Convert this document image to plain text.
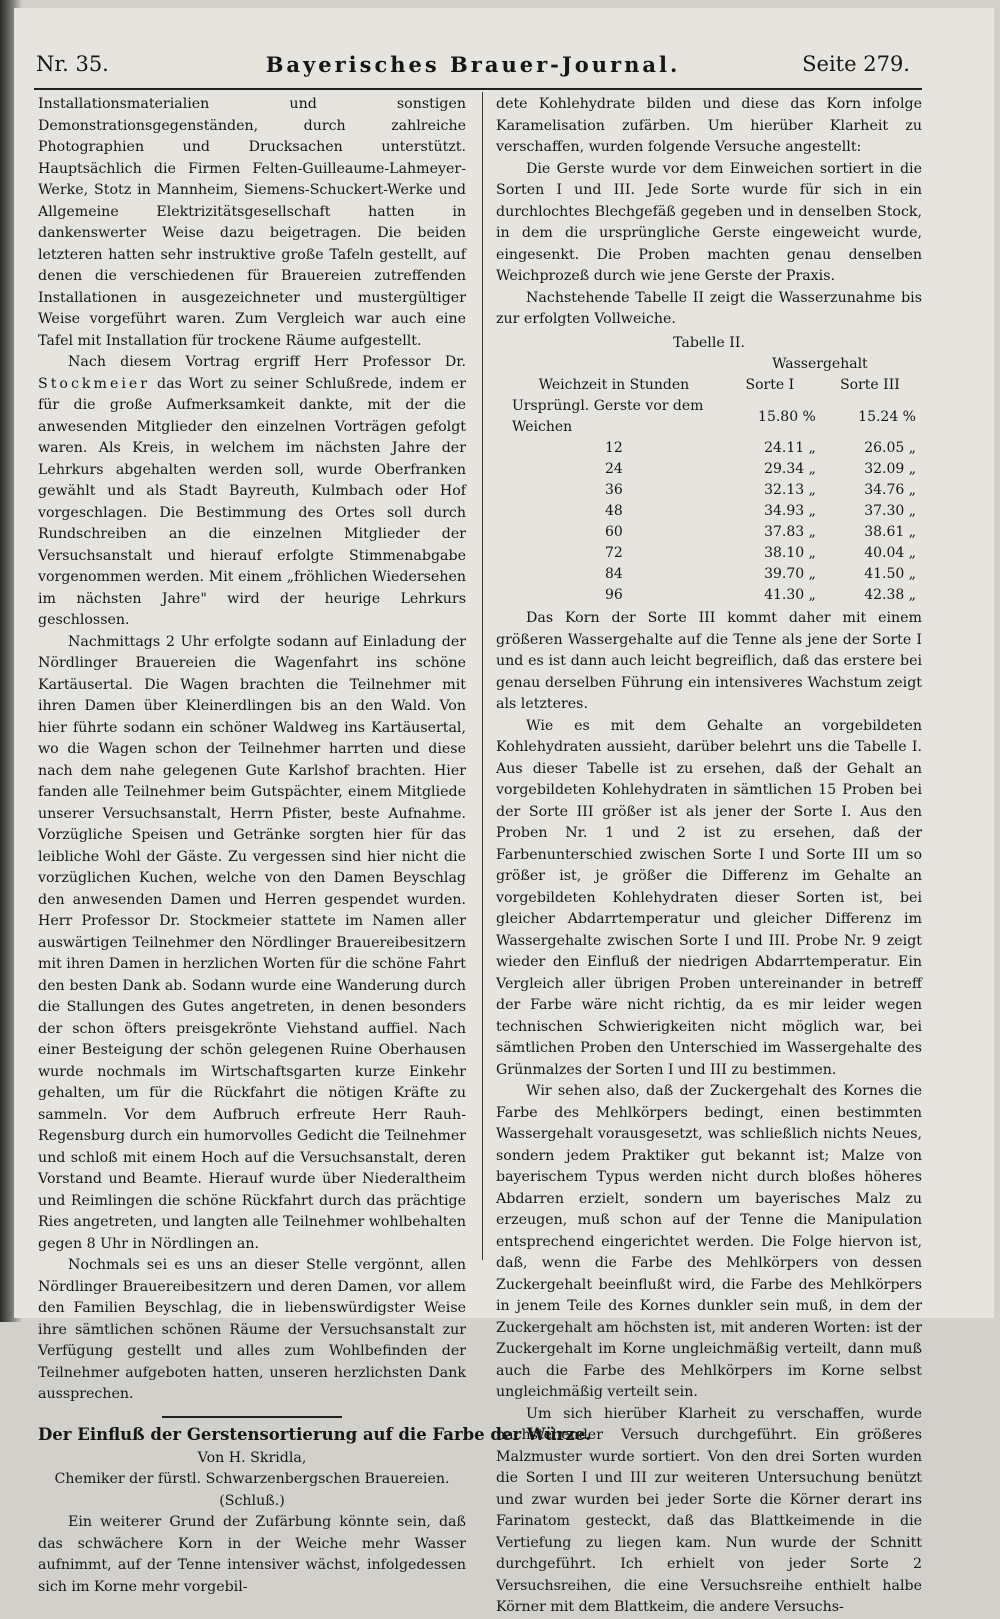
Nr. 35.	Bayerisches Brauer-Journal.	Seite 279.

Installationsmaterialien und sonstigen Demonstrationsgegenständen, durch zahlreiche Photographien und Drucksachen unterstützt. Hauptsächlich die Firmen Felten-Guilleaume-Lahmeyer-Werke, Stotz in Mannheim, Siemens-Schuckert-Werke und Allgemeine Elektrizitätsgesellschaft hatten in dankenswerter Weise dazu beigetragen. Die beiden letzteren hatten sehr instruktive große Tafeln gestellt, auf denen die verschiedenen für Brauereien zutreffenden Installationen in ausgezeichneter und mustergültiger Weise vorgeführt waren. Zum Vergleich war auch eine Tafel mit Installation für trockene Räume aufgestellt.

Nach diesem Vortrag ergriff Herr Professor Dr. Stockmeier das Wort zu seiner Schlußrede, indem er für die große Aufmerksamkeit dankte, mit der die anwesenden Mitglieder den einzelnen Vorträgen gefolgt waren. Als Kreis, in welchem im nächsten Jahre der Lehrkurs abgehalten werden soll, wurde Oberfranken gewählt und als Stadt Bayreuth, Kulmbach oder Hof vorgeschlagen. Die Bestimmung des Ortes soll durch Rundschreiben an die einzelnen Mitglieder der Versuchsanstalt und hierauf erfolgte Stimmenabgabe vorgenommen werden. Mit einem „fröhlichen Wiedersehen im nächsten Jahre" wird der heurige Lehrkurs geschlossen.

Nachmittags 2 Uhr erfolgte sodann auf Einladung der Nördlinger Brauereien die Wagenfahrt ins schöne Kartäusertal. Die Wagen brachten die Teilnehmer mit ihren Damen über Kleinerdlingen bis an den Wald. Von hier führte sodann ein schöner Waldweg ins Kartäusertal, wo die Wagen schon der Teilnehmer harrten und diese nach dem nahe gelegenen Gute Karlshof brachten. Hier fanden alle Teilnehmer beim Gutspächter, einem Mitgliede unserer Versuchsanstalt, Herrn Pfister, beste Aufnahme. Vorzügliche Speisen und Getränke sorgten hier für das leibliche Wohl der Gäste. Zu vergessen sind hier nicht die vorzüglichen Kuchen, welche von den Damen Beyschlag den anwesenden Damen und Herren gespendet wurden. Herr Professor Dr. Stockmeier stattete im Namen aller auswärtigen Teilnehmer den Nördlinger Brauereibesitzern mit ihren Damen in herzlichen Worten für die schöne Fahrt den besten Dank ab. Sodann wurde eine Wanderung durch die Stallungen des Gutes angetreten, in denen besonders der schon öfters preisgekrönte Viehstand auffiel. Nach einer Besteigung der schön gelegenen Ruine Oberhausen wurde nochmals im Wirtschaftsgarten kurze Einkehr gehalten, um für die Rückfahrt die nötigen Kräfte zu sammeln. Vor dem Aufbruch erfreute Herr Rauh-Regensburg durch ein humorvolles Gedicht die Teilnehmer und schloß mit einem Hoch auf die Versuchsanstalt, deren Vorstand und Beamte. Hierauf wurde über Niederaltheim und Reimlingen die schöne Rückfahrt durch das prächtige Ries angetreten, und langten alle Teilnehmer wohlbehalten gegen 8 Uhr in Nördlingen an.

Nochmals sei es uns an dieser Stelle vergönnt, allen Nördlinger Brauereibesitzern und deren Damen, vor allem den Familien Beyschlag, die in liebenswürdigster Weise ihre sämtlichen schönen Räume der Versuchsanstalt zur Verfügung gestellt und alles zum Wohlbefinden der Teilnehmer aufgeboten hatten, unseren herzlichsten Dank aussprechen.

Der Einfluß der Gerstensortierung auf die Farbe der Würze.

Von H. Skridla,

Chemiker der fürstl. Schwarzenbergschen Brauereien.

(Schluß.)

Ein weiterer Grund der Zufärbung könnte sein, daß das schwächere Korn in der Weiche mehr Wasser aufnimmt, auf der Tenne intensiver wächst, infolgedessen sich im Korne mehr vorgebil-

dete Kohlehydrate bilden und diese das Korn infolge Karamelisation zufärben. Um hierüber Klarheit zu verschaffen, wurden folgende Versuche angestellt:

Die Gerste wurde vor dem Einweichen sortiert in die Sorten I und III. Jede Sorte wurde für sich in ein durchlochtes Blechgefäß gegeben und in denselben Stock, in dem die ursprüngliche Gerste eingeweicht wurde, eingesenkt. Die Proben machten genau denselben Weichprozeß durch wie jene Gerste der Praxis.

Nachstehende Tabelle II zeigt die Wasserzunahme bis zur erfolgten Vollweiche.

Tabelle II.
	Wassergehalt	
Weichzeit in Stunden	Sorte I	Sorte III
Ursprüngl. Gerste vor dem Weichen	15.80 %	15.24 %
12	24.11 „	26.05 „
24	29.34 „	32.09 „
36	32.13 „	34.76 „
48	34.93 „	37.30 „
60	37.83 „	38.61 „
72	38.10 „	40.04 „
84	39.70 „	41.50 „
96	41.30 „	42.38 „

Das Korn der Sorte III kommt daher mit einem größeren Wassergehalte auf die Tenne als jene der Sorte I und es ist dann auch leicht begreiflich, daß das erstere bei genau derselben Führung ein intensiveres Wachstum zeigt als letzteres.

Wie es mit dem Gehalte an vorgebildeten Kohlehydraten aussieht, darüber belehrt uns die Tabelle I. Aus dieser Tabelle ist zu ersehen, daß der Gehalt an vorgebildeten Kohlehydraten in sämtlichen 15 Proben bei der Sorte III größer ist als jener der Sorte I. Aus den Proben Nr. 1 und 2 ist zu ersehen, daß der Farbenunterschied zwischen Sorte I und Sorte III um so größer ist, je größer die Differenz im Gehalte an vorgebildeten Kohlehydraten dieser Sorten ist, bei gleicher Abdarrtemperatur und gleicher Differenz im Wassergehalte zwischen Sorte I und III. Probe Nr. 9 zeigt wieder den Einfluß der niedrigen Abdarrtemperatur. Ein Vergleich aller übrigen Proben untereinander in betreff der Farbe wäre nicht richtig, da es mir leider wegen technischen Schwierigkeiten nicht möglich war, bei sämtlichen Proben den Unterschied im Wassergehalte des Grünmalzes der Sorten I und III zu bestimmen.

Wir sehen also, daß der Zuckergehalt des Kornes die Farbe des Mehlkörpers bedingt, einen bestimmten Wassergehalt vorausgesetzt, was schließlich nichts Neues, sondern jedem Praktiker gut bekannt ist; Malze von bayerischem Typus werden nicht durch bloßes höheres Abdarren erzielt, sondern um bayerisches Malz zu erzeugen, muß schon auf der Tenne die Manipulation entsprechend eingerichtet werden. Die Folge hiervon ist, daß, wenn die Farbe des Mehlkörpers von dessen Zuckergehalt beeinflußt wird, die Farbe des Mehlkörpers in jenem Teile des Kornes dunkler sein muß, in dem der Zuckergehalt am höchsten ist, mit anderen Worten: ist der Zuckergehalt im Korne ungleichmäßig verteilt, dann muß auch die Farbe des Mehlkörpers im Korne selbst ungleichmäßig verteilt sein.

Um sich hierüber Klarheit zu verschaffen, wurde nachstehender Versuch durchgeführt. Ein größeres Malzmuster wurde sortiert. Von den drei Sorten wurden die Sorten I und III zur weiteren Untersuchung benützt und zwar wurden bei jeder Sorte die Körner derart ins Farinatom gesteckt, daß das Blattkeimende in die Vertiefung zu liegen kam. Nun wurde der Schnitt durchgeführt. Ich erhielt von jeder Sorte 2 Versuchsreihen, die eine Versuchsreihe enthielt halbe Körner mit dem Blattkeim, die andere Versuchs-
